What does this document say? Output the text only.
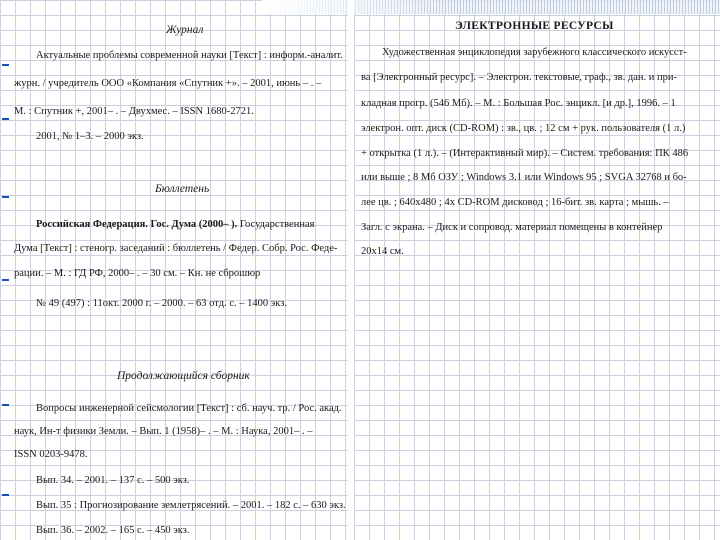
Журнал
Актуальные проблемы современной науки [Текст] : информ.-аналит.
журн. / учредитель ООО «Компания «Спутник +». – 2001, июнь – . –
М. : Спутник +, 2001– . – Двухмес. – ISSN 1680-2721.
2001, № 1–3. – 2000 экз.
Бюллетень
Российская Федерация. Гос. Дума (2000– ). Государственная
Дума [Текст] : стеногр. заседаний : бюллетень / Федер. Собр. Рос. Феде-
рации. – М. : ГД РФ, 2000– . – 30 см. – Кн. не сброшюр
№ 49 (497) : 11окт. 2000 г. – 2000. – 63 отд. с. – 1400 экз.
Продолжающийся сборник
Вопросы инженерной сейсмологии [Текст] : сб. науч. тр. / Рос. акад.
наук, Ин-т физики Земли. – Вып. 1 (1958)– . – М. : Наука, 2001– . –
ISSN 0203-9478.
Вып. 34. – 2001. – 137 с. – 500 экз.
Вып. 35 : Прогнозирование землетрясений. – 2001. – 182 с. – 630 экз.
Вып. 36. – 2002. – 165 с. – 450 экз.
ЭЛЕКТРОННЫЕ РЕСУРСЫ
Художественная энциклопедия зарубежного классического искусст-
ва [Электронный ресурс]. – Электрон. текстовые, граф., зв. дан. и при-
кладная прогр. (546 Мб). – М. : Большая Рос. энцикл. [и др.], 1996. – 1
электрон. опт. диск (CD-ROM) : зв., цв. ; 12 см + рук. пользователя (1 л.)
+ открытка (1 л.). – (Интерактивный мир). – Систем. требования: ПК 486
или выше ; 8 Мб ОЗУ ; Windows 3.1 или Windows 95 ; SVGA 32768 и бо-
лее цв. ; 640х480 ; 4х CD-ROM дисковод ; 16-бит. зв. карта ; мышь. –
Загл. с экрана. – Диск и сопровод. материал помещены в контейнер
20х14 см.
